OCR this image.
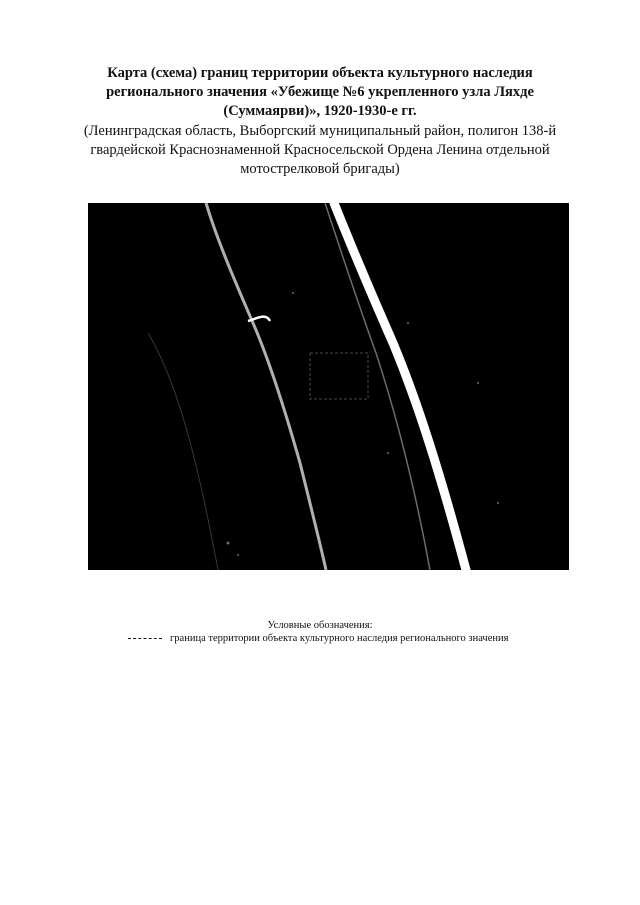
Карта (схема) границ территории объекта культурного наследия регионального значения «Убежище №6 укрепленного узла Ляхде (Суммаярви)», 1920-1930-е гг.
(Ленинградская область, Выборгский муниципальный район, полигон 138-й гвардейской Краснознаменной Красносельской Ордена Ленина отдельной мотострелковой бригады)
Условные обозначения:
граница территории объекта культурного наследия регионального значения
